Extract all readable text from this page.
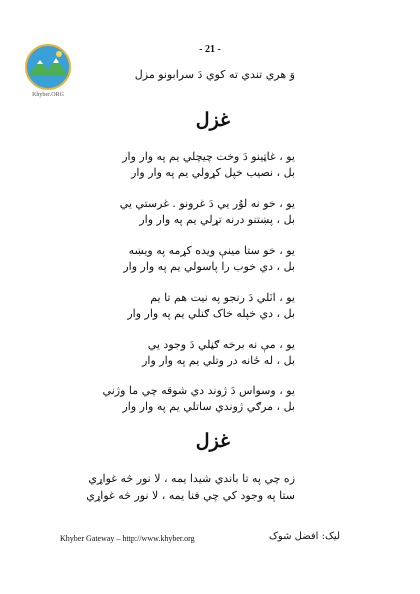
Khyber.ORG
- 21 -
وَ هري تندي ته کوي دَ سرابونو مزل
غزل
يو ، غاټينو دَ وخت چيچلي يم په وار وار
بل ، نصيب خپل کړولي يم په وار وار
يو ، خو نه لوُر يي دَ غرونو . غرستي يي
بل ، پښتنو درنه تړلي يم په وار وار
يو ، خو ستا مينې ويده کړمه په ويښه
بل ، دي خوب را پاسولي يم په وار وار
يو ، اٽلي دَ رنجو په نيت هم تا يم
بل ، دي خپله خاک ګنلي يم په وار وار
يو ، مې نه برخه ګڼلي دَ وجود يي
بل ، له ځانه در وتلي يم په وار وار
يو ، وسواس دَ ژوند دي شوقه چي ما وژني
بل ، مرګي ژوندي ساتلي يم په وار وار
غزل
زه چي په تا باندي شيدا يمه ، لا نور څه غواړي
ستا په وجود کي چي فنا يمه ، لا نور څه غواړي
Khyber Gateway – http://www.khyber.org	ليک: افضل شوک
